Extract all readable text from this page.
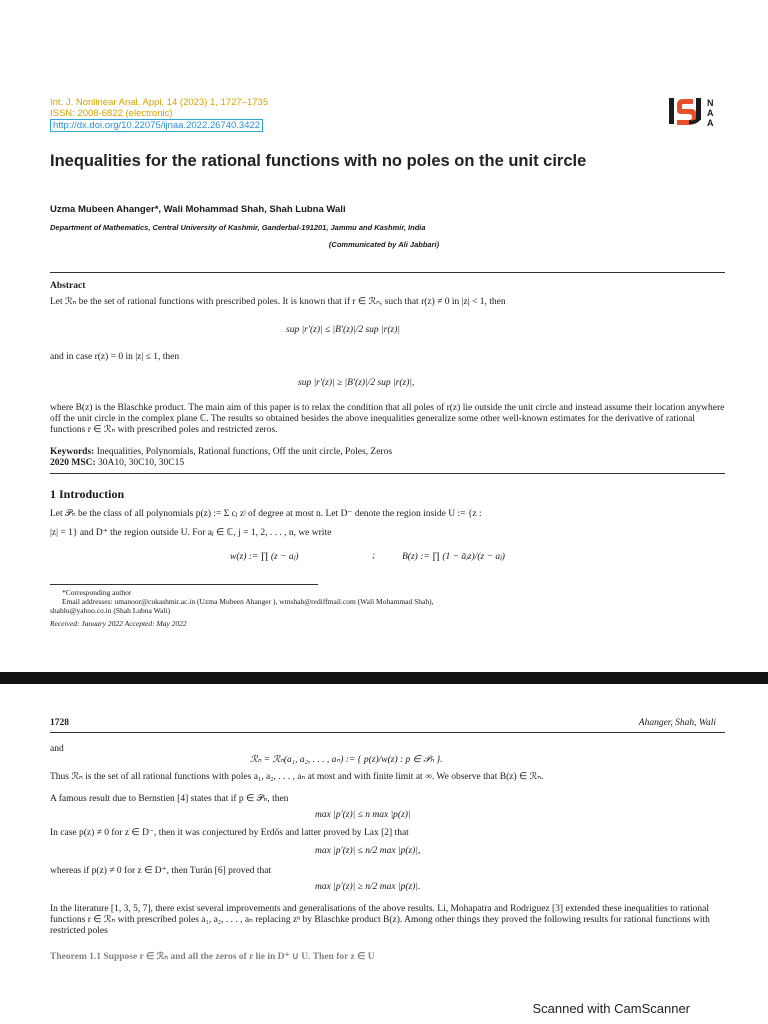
Int. J. Nonlinear Anal. Appl. 14 (2023) 1, 1727–1735
ISSN: 2008-6822 (electronic)
http://dx.doi.org/10.22075/ijnaa.2022.26740.3422
N
A
A
Inequalities for the rational functions with no poles on the unit circle
Uzma Mubeen Ahanger*, Wali Mohammad Shah, Shah Lubna Wali
Department of Mathematics, Central University of Kashmir, Ganderbal-191201, Jammu and Kashmir, India
(Communicated by Ali Jabbari)
Abstract
Let ℛₙ be the set of rational functions with prescribed poles. It is known that if r ∈ ℛₙ, such that r(z) ≠ 0 in |z| < 1, then
sup |r′(z)| ≤ |B′(z)|/2 sup |r(z)|
and in case r(z) = 0 in |z| ≤ 1, then
sup |r′(z)| ≥ |B′(z)|/2 sup |r(z)|,
where B(z) is the Blaschke product. The main aim of this paper is to relax the condition that all poles of r(z) lie outside the unit circle and instead assume their location anywhere off the unit circle in the complex plane ℂ. The results so obtained besides the above inequalities generalize some other well-known estimates for the derivative of rational functions r ∈ ℛₙ with prescribed poles and restricted zeros.
Keywords: Inequalities, Polynomials, Rational functions, Off the unit circle, Poles, Zeros
2020 MSC: 30A10, 30C10, 30C15
1 Introduction
Let 𝒫ₙ be the class of all polynomials p(z) := Σ cⱼ zʲ of degree at most n. Let D⁻ denote the region inside U := {z :
|z| = 1} and D⁺ the region outside U. For aⱼ ∈ ℂ, j = 1, 2, . . . , n, we write
w(z) := ∏ (z − aⱼ)	;	B(z) := ∏ (1 − āⱼz)/(z − aⱼ)
*Corresponding author
Email addresses: umanoor@cukashmir.ac.in (Uzma Mubeen Ahanger ), wmshah@rediffmail.com (Wali Mohammad Shah),
shahlu@yahoo.co.in (Shah Lubna Wali)
Received: January 2022 Accepted: May 2022
1728	Ahanger, Shah, Wali
and
ℛₙ = ℛₙ(a₁, a₂, . . . , aₙ) := { p(z)/w(z) : p ∈ 𝒫ₙ }.
Thus ℛₙ is the set of all rational functions with poles a₁, a₂, . . . , aₙ at most and with finite limit at ∞. We observe that B(z) ∈ ℛₙ.
A famous result due to Bernstien [4] states that if p ∈ 𝒫ₙ, then
max |p′(z)| ≤ n max |p(z)|
In case p(z) ≠ 0 for z ∈ D⁻, then it was conjectured by Erdős and latter proved by Lax [2] that
max |p′(z)| ≤ n/2 max |p(z)|,
whereas if p(z) ≠ 0 for z ∈ D⁺, then Turán [6] proved that
max |p′(z)| ≥ n/2 max |p(z)|.
In the literature [1, 3, 5, 7], there exist several improvements and generalisations of the above results. Li, Mohapatra and Rodriguez [3] extended these inequalities to rational functions r ∈ ℛₙ with prescribed poles a₁, a₂, . . . , aₙ replacing zⁿ by Blaschke product B(z). Among other things they proved the following results for rational functions with restricted poles
Theorem 1.1 Suppose r ∈ ℛₙ and all the zeros of r lie in D⁺ ∪ U. Then for z ∈ U
Scanned with CamScanner
